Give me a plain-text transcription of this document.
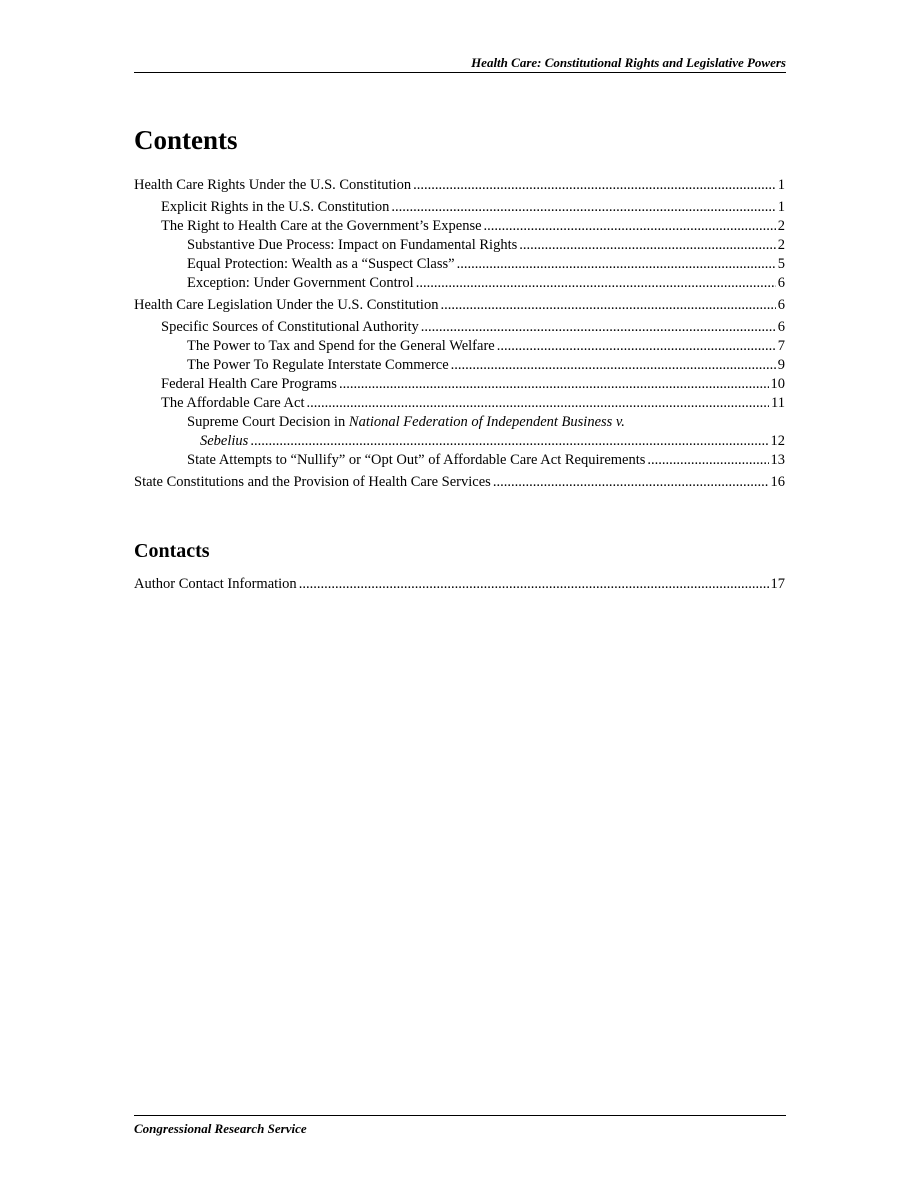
Health Care: Constitutional Rights and Legislative Powers
Contents
Health Care Rights Under the U.S. Constitution .....	1
Explicit Rights in the U.S. Constitution .....	1
The Right to Health Care at the Government’s Expense .....	2
Substantive Due Process: Impact on Fundamental Rights .....	2
Equal Protection: Wealth as a “Suspect Class” .....	5
Exception: Under Government Control .....	6
Health Care Legislation Under the U.S. Constitution .....	6
Specific Sources of Constitutional Authority .....	6
The Power to Tax and Spend for the General Welfare .....	7
The Power To Regulate Interstate Commerce .....	9
Federal Health Care Programs .....	10
The Affordable Care Act .....	11
Supreme Court Decision in National Federation of Independent Business v.
Sebelius .....	12
State Attempts to “Nullify” or “Opt Out” of Affordable Care Act Requirements .....	13
State Constitutions and the Provision of Health Care Services .....	16
Contacts
Author Contact Information .....	17
Congressional Research Service
